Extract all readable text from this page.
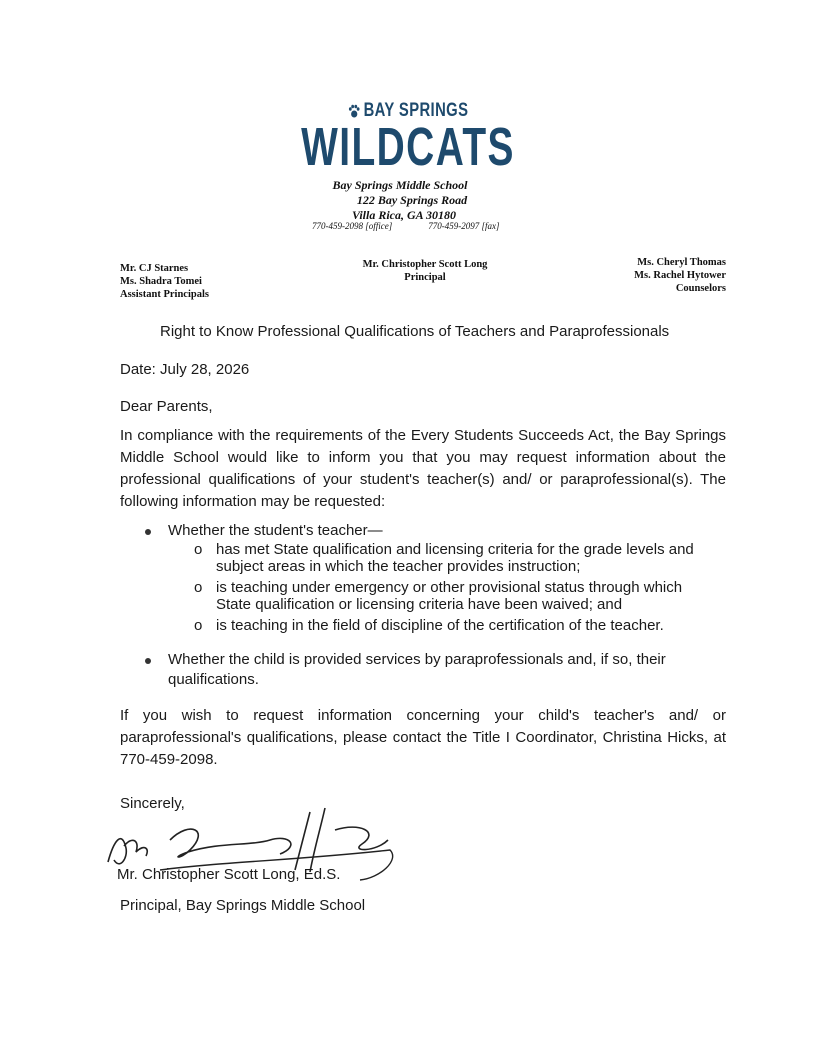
BAY SPRINGS
WILDCATS
Bay Springs Middle School
122 Bay Springs Road
Villa Rica, GA 30180
770-459-2098 [office]	770-459-2097 [fax]
Mr. CJ Starnes
Ms. Shadra Tomei
Assistant Principals
Mr. Christopher Scott Long
Principal
Ms. Cheryl Thomas
Ms. Rachel Hytower
Counselors
Right to Know Professional Qualifications of Teachers and Paraprofessionals
Date: July 28, 2026
Dear Parents,
In compliance with the requirements of the Every Students Succeeds Act, the Bay Springs Middle School would like to inform you that you may request information about the professional qualifications of your student's teacher(s) and/ or paraprofessional(s). The following information may be requested:
Whether the student's teacher—
o has met State qualification and licensing criteria for the grade levels and subject areas in which the teacher provides instruction;
o is teaching under emergency or other provisional status through which State qualification or licensing criteria have been waived; and
o is teaching in the field of discipline of the certification of the teacher.
Whether the child is provided services by paraprofessionals and, if so, their qualifications.
If you wish to request information concerning your child's teacher's and/ or paraprofessional's qualifications, please contact the Title I Coordinator, Christina Hicks, at 770-459-2098.
Sincerely,
Mr. Christopher Scott Long, Ed.S.
Principal, Bay Springs Middle School
